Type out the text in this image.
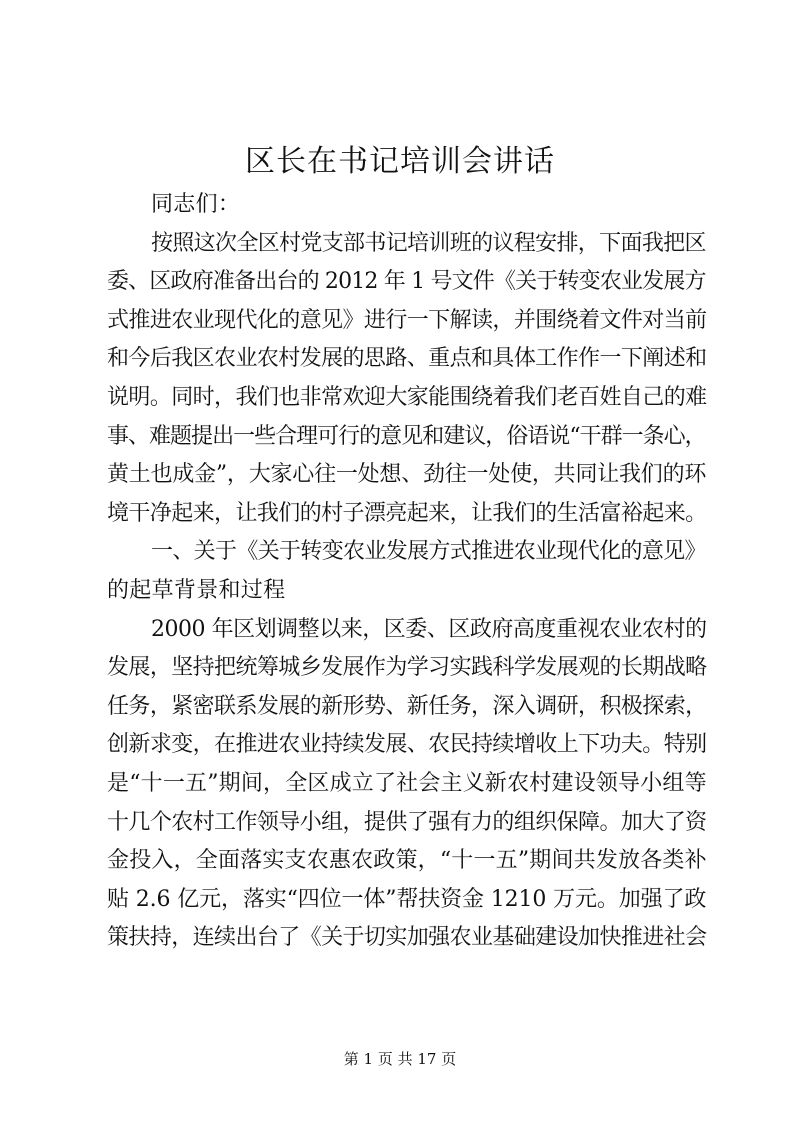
区长在书记培训会讲话
同志们：
按照这次全区村党支部书记培训班的议程安排，下面我把区
委、区政府准备出台的 2012 年 1 号文件《关于转变农业发展方
式推进农业现代化的意见》进行一下解读，并围绕着文件对当前
和今后我区农业农村发展的思路、重点和具体工作作一下阐述和
说明。同时，我们也非常欢迎大家能围绕着我们老百姓自己的难
事、难题提出一些合理可行的意见和建议，俗语说“干群一条心，
黄土也成金”，大家心往一处想、劲往一处使，共同让我们的环
境干净起来，让我们的村子漂亮起来，让我们的生活富裕起来。
一、关于《关于转变农业发展方式推进农业现代化的意见》
的起草背景和过程
2000 年区划调整以来，区委、区政府高度重视农业农村的
发展，坚持把统筹城乡发展作为学习实践科学发展观的长期战略
任务，紧密联系发展的新形势、新任务，深入调研，积极探索，
创新求变，在推进农业持续发展、农民持续增收上下功夫。特别
是“十一五”期间，全区成立了社会主义新农村建设领导小组等
十几个农村工作领导小组，提供了强有力的组织保障。加大了资
金投入，全面落实支农惠农政策，“十一五”期间共发放各类补
贴 2.6 亿元，落实“四位一体”帮扶资金 1210 万元。加强了政
策扶持，连续出台了《关于切实加强农业基础建设加快推进社会
第 1 页 共 17 页
